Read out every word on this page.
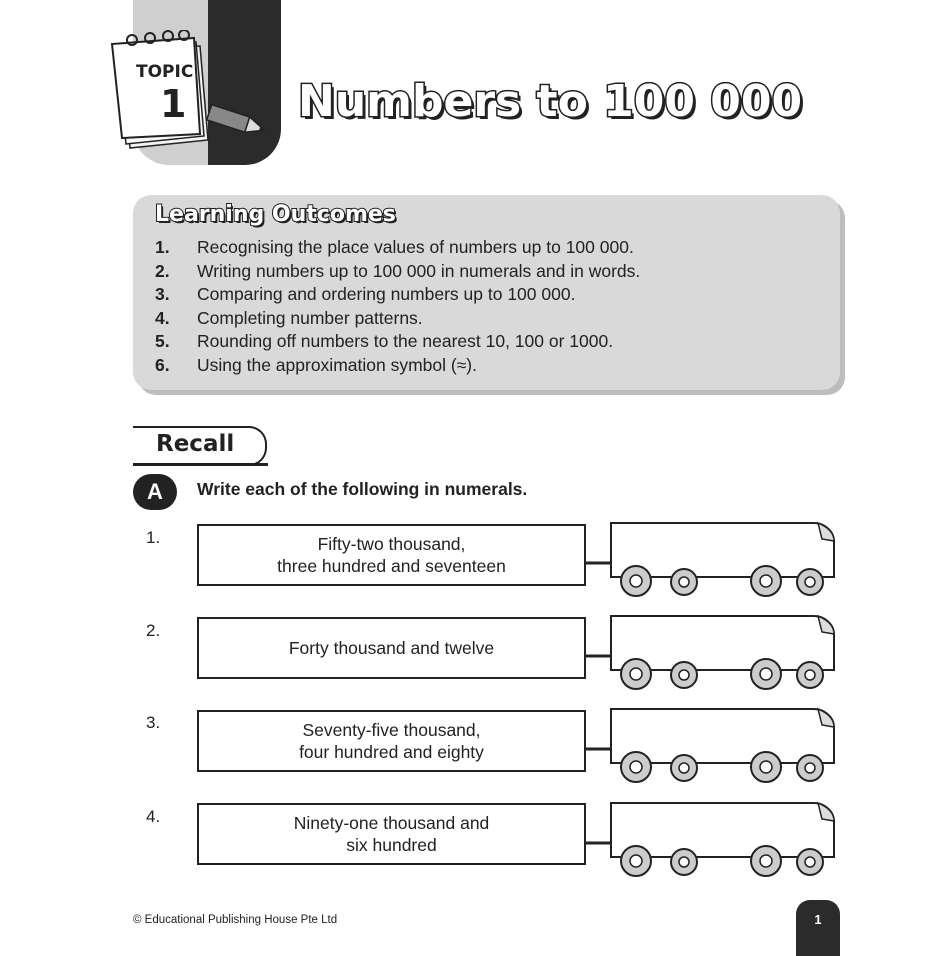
TOPIC
1	Numbers to 100 000
Learning Outcomes
1.	Recognising the place values of numbers up to 100 000.
2.	Writing numbers up to 100 000 in numerals and in words.
3.	Comparing and ordering numbers up to 100 000.
4.	Completing number patterns.
5.	Rounding off numbers to the nearest 10, 100 or 1000.
6.	Using the approximation symbol (≈).
Recall
A	Write each of the following in numerals.
1.	Fifty-two thousand,
three hundred and seventeen
2.
Forty thousand and twelve
3.	Seventy-five thousand,
four hundred and eighty
4.	Ninety-one thousand and
six hundred
© Educational Publishing House Pte Ltd	1
